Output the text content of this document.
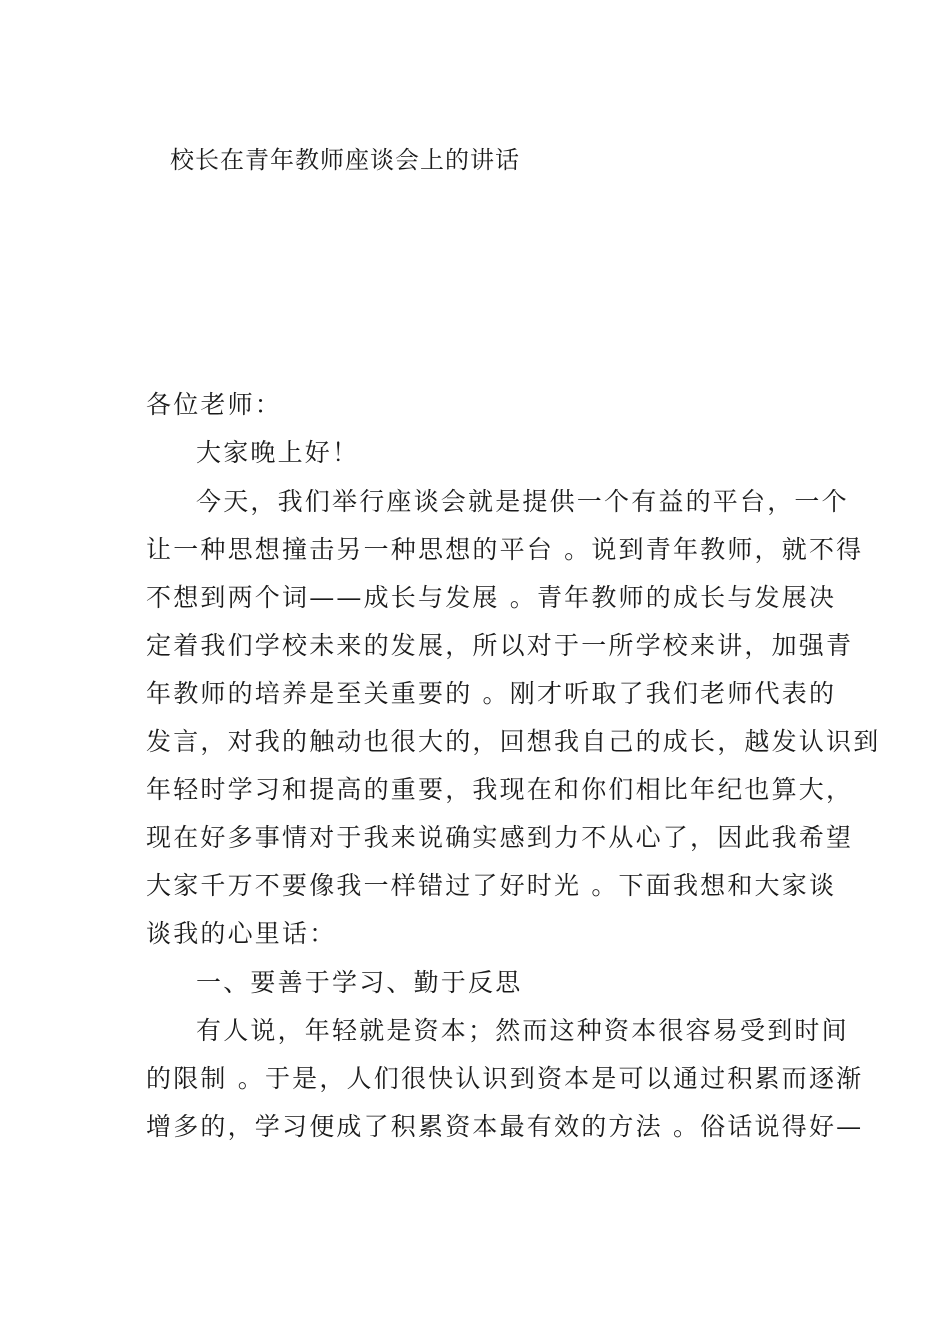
校长在青年教师座谈会上的讲话
各位老师：
大家晚上好！
今天，我们举行座谈会就是提供一个有益的平台，一个
让一种思想撞击另一种思想的平台 。说到青年教师，就不得
不想到两个词——成长与发展 。青年教师的成长与发展决
定着我们学校未来的发展，所以对于一所学校来讲，加强青
年教师的培养是至关重要的 。刚才听取了我们老师代表的
发言，对我的触动也很大的，回想我自己的成长，越发认识到
年轻时学习和提高的重要，我现在和你们相比年纪也算大，
现在好多事情对于我来说确实感到力不从心了，因此我希望
大家千万不要像我一样错过了好时光 。下面我想和大家谈
谈我的心里话：
一、要善于学习、勤于反思
有人说，年轻就是资本；然而这种资本很容易受到时间
的限制 。于是，人们很快认识到资本是可以通过积累而逐渐
增多的，学习便成了积累资本最有效的方法 。俗话说得好—
